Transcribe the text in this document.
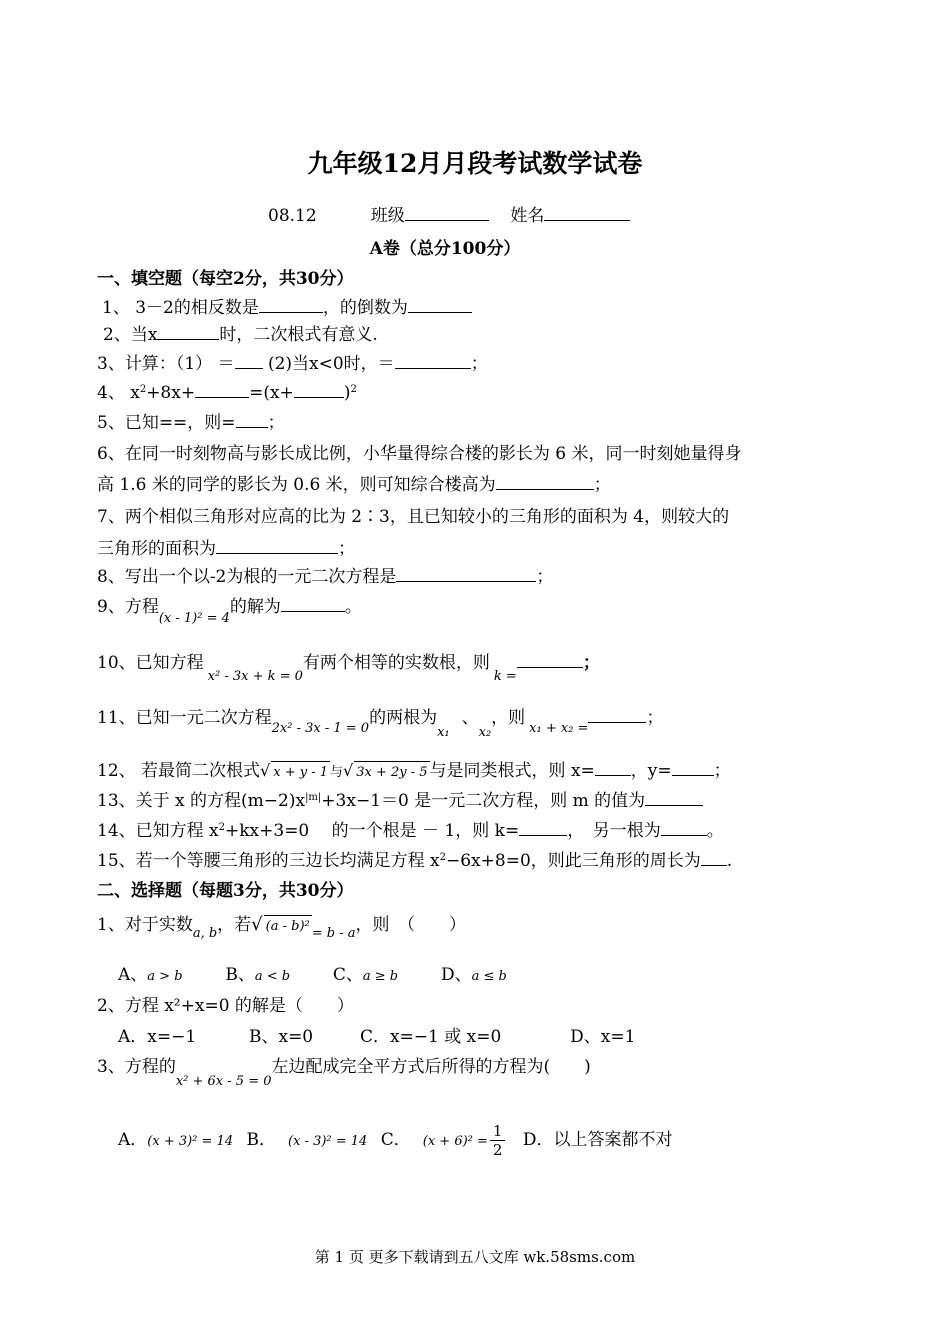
九年级12月月段考试数学试卷
08.12	班级	姓名
A卷（总分100分）
一、填空题（每空2分，共30分）
1、 3－2的相反数是	，的倒数为
2、当x	时，二次根式有意义.
3、计算：（1） ＝ (2)当x<0时，＝	；
4、 $x^2+8x+$	=(x+	)$^2$
5、已知==，则= ；
6、在同一时刻物高与影长成比例，小华量得综合楼的影长为 6 米，同一时刻她量得身
高 1.6 米的同学的影长为 0.6 米，则可知综合楼高为	；
7、两个相似三角形对应高的比为 2∶3，且已知较小的三角形的面积为 4，则较大的
三角形的面积为	；
8、写出一个以-2为根的一元二次方程是	；
9、方程$_{(x - 1)^2 = 4}$的解为	。
10、已知方程$_{x^2 - 3x + k = 0}$有两个相等的实数根，则$_{k =}$；
11、已知一元二次方程$_{2x^2 - 3x - 1 = 0}$的两根为$_{x_1}$、$_{x_2}$，则$_{x_1 + x_2 =}$；
12、 若最简二次根式√ x + y - 1 与√ 3x + 2y - 5 与是同类根式，则 x= ，y= ；
13、关于 x 的方程$(m-2)x^{|m|}+3x-1=0$ 是一元二次方程，则 m 的值为
14、已知方程 $x^2+kx+3=0$　 的一个根是 － 1，则 k=	，　另一根为	。
15、若一个等腰三角形的三边长均满足方程 $x^2-6x+8=0$，则此三角形的周长为 .
二、选择题（每题3分，共30分）
1、对于实数$_{a, b}$，若√ (a - b)² $_{= b - a}$，则　（　　）
A、a > b	B、a < b	C、a ≥ b	D、a ≤ b
2、方程 x²+x=0 的解是（　　）
A．x=−1	B、x=0	C．x=−1 或 x=0	D、x=1
3、方程的$_{x^2 + 6x - 5 = 0}$左边配成完全平方式后所得的方程为(　　)
A．(x + 3)² = 14 B． (x - 3)² = 14 C． $(x + 6)^2 = \frac{1}{2}$ D．以上答案都不对
第 1 页 更多下载请到五八文库 wk.58sms.com
